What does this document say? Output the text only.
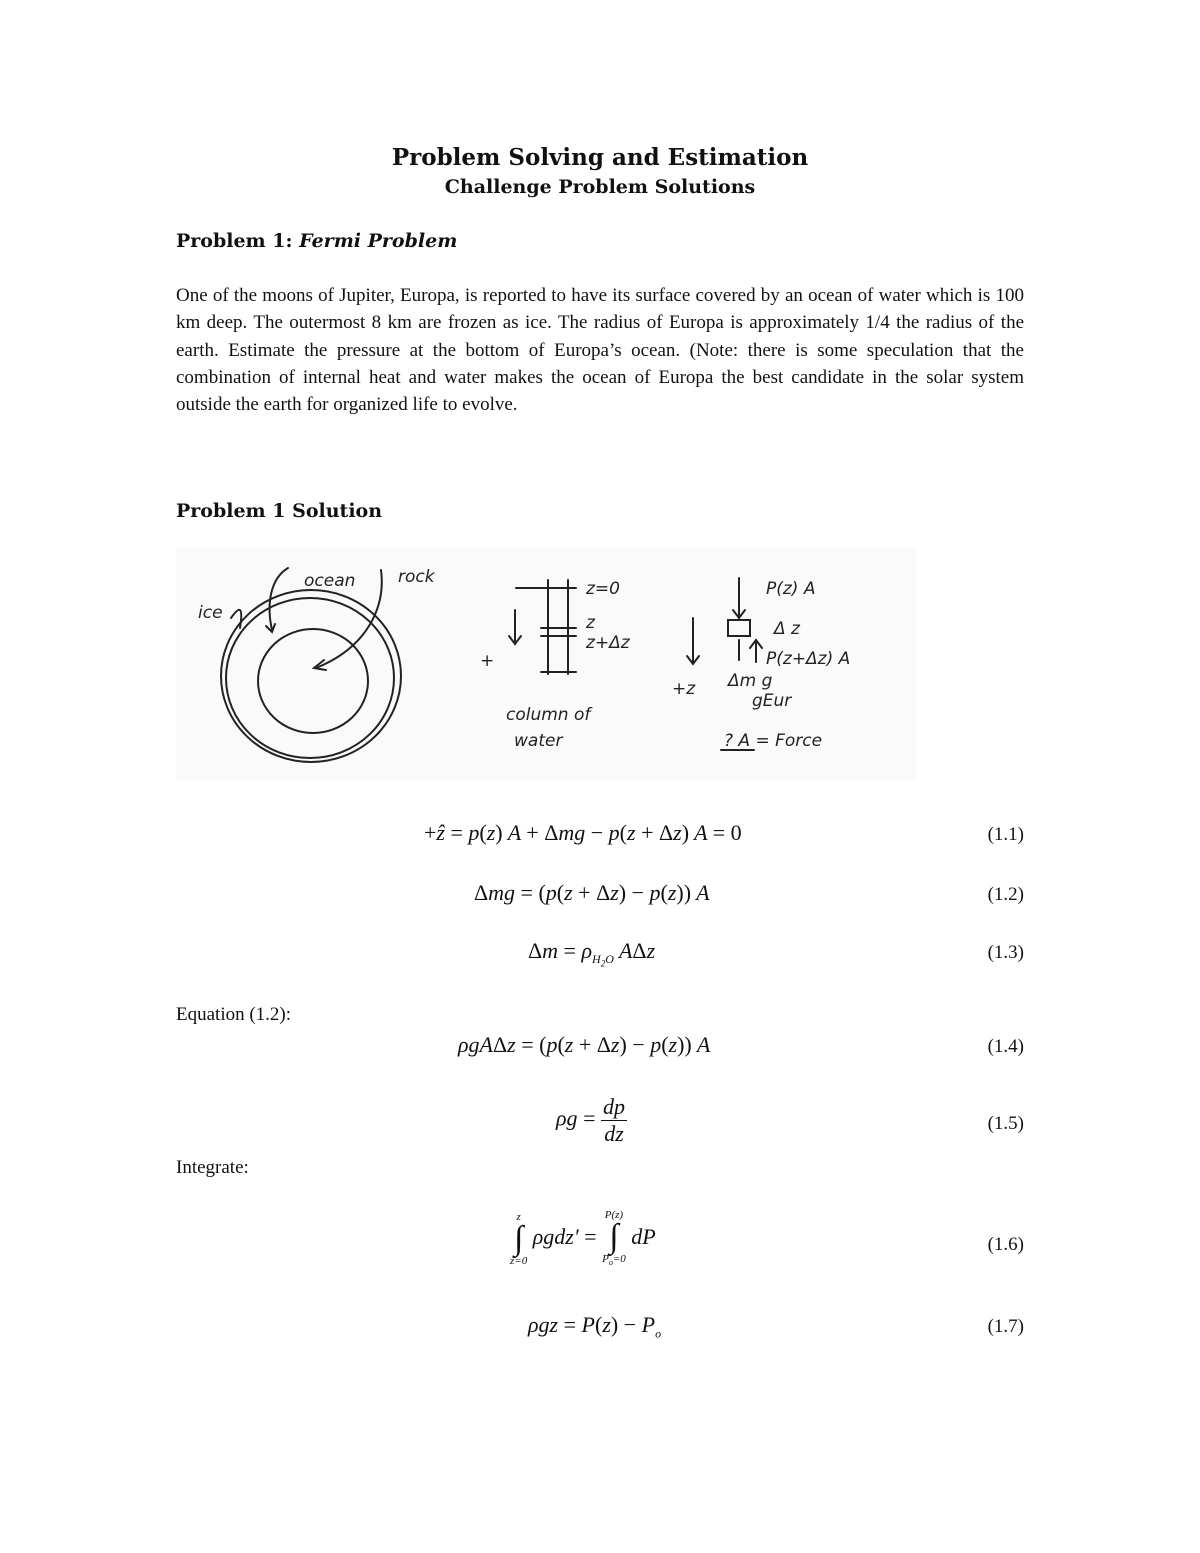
Problem Solving and Estimation
Challenge Problem Solutions
Problem 1: Fermi Problem
One of the moons of Jupiter, Europa, is reported to have its surface covered by an ocean of water which is 100 km deep. The outermost 8 km are frozen as ice. The radius of Europa is approximately 1/4 the radius of the earth. Estimate the pressure at the bottom of Europa’s ocean. (Note: there is some speculation that the combination of internal heat and water makes the ocean of Europa the best candidate in the solar system outside the earth for organized life to evolve.
Problem 1 Solution
ice
ocean	rock
z=0
z
z+Δz
+
column of
water
P(z) A
Δ z
P(z+Δz) A
+z Δm g
gEur
? A = Force
+ẑ = p(z) A + Δmg − p(z + Δz) A = 0	(1.1)
Δmg = (p(z + Δz) − p(z)) A	(1.2)
$\Delta m = \rho_{H_2O}$ AΔz	(1.3)
Equation (1.2):
ρgAΔz = (p(z + Δz) − p(z)) A	(1.4)
$\rho g = \frac{dp}{dz}$	(1.5)
Integrate:
z
∫
z=0
ρgdz′ =
P(z)
∫
$P_o=0$
dP	(1.6)
$\rho gz = P(z) - P_o$	(1.7)
